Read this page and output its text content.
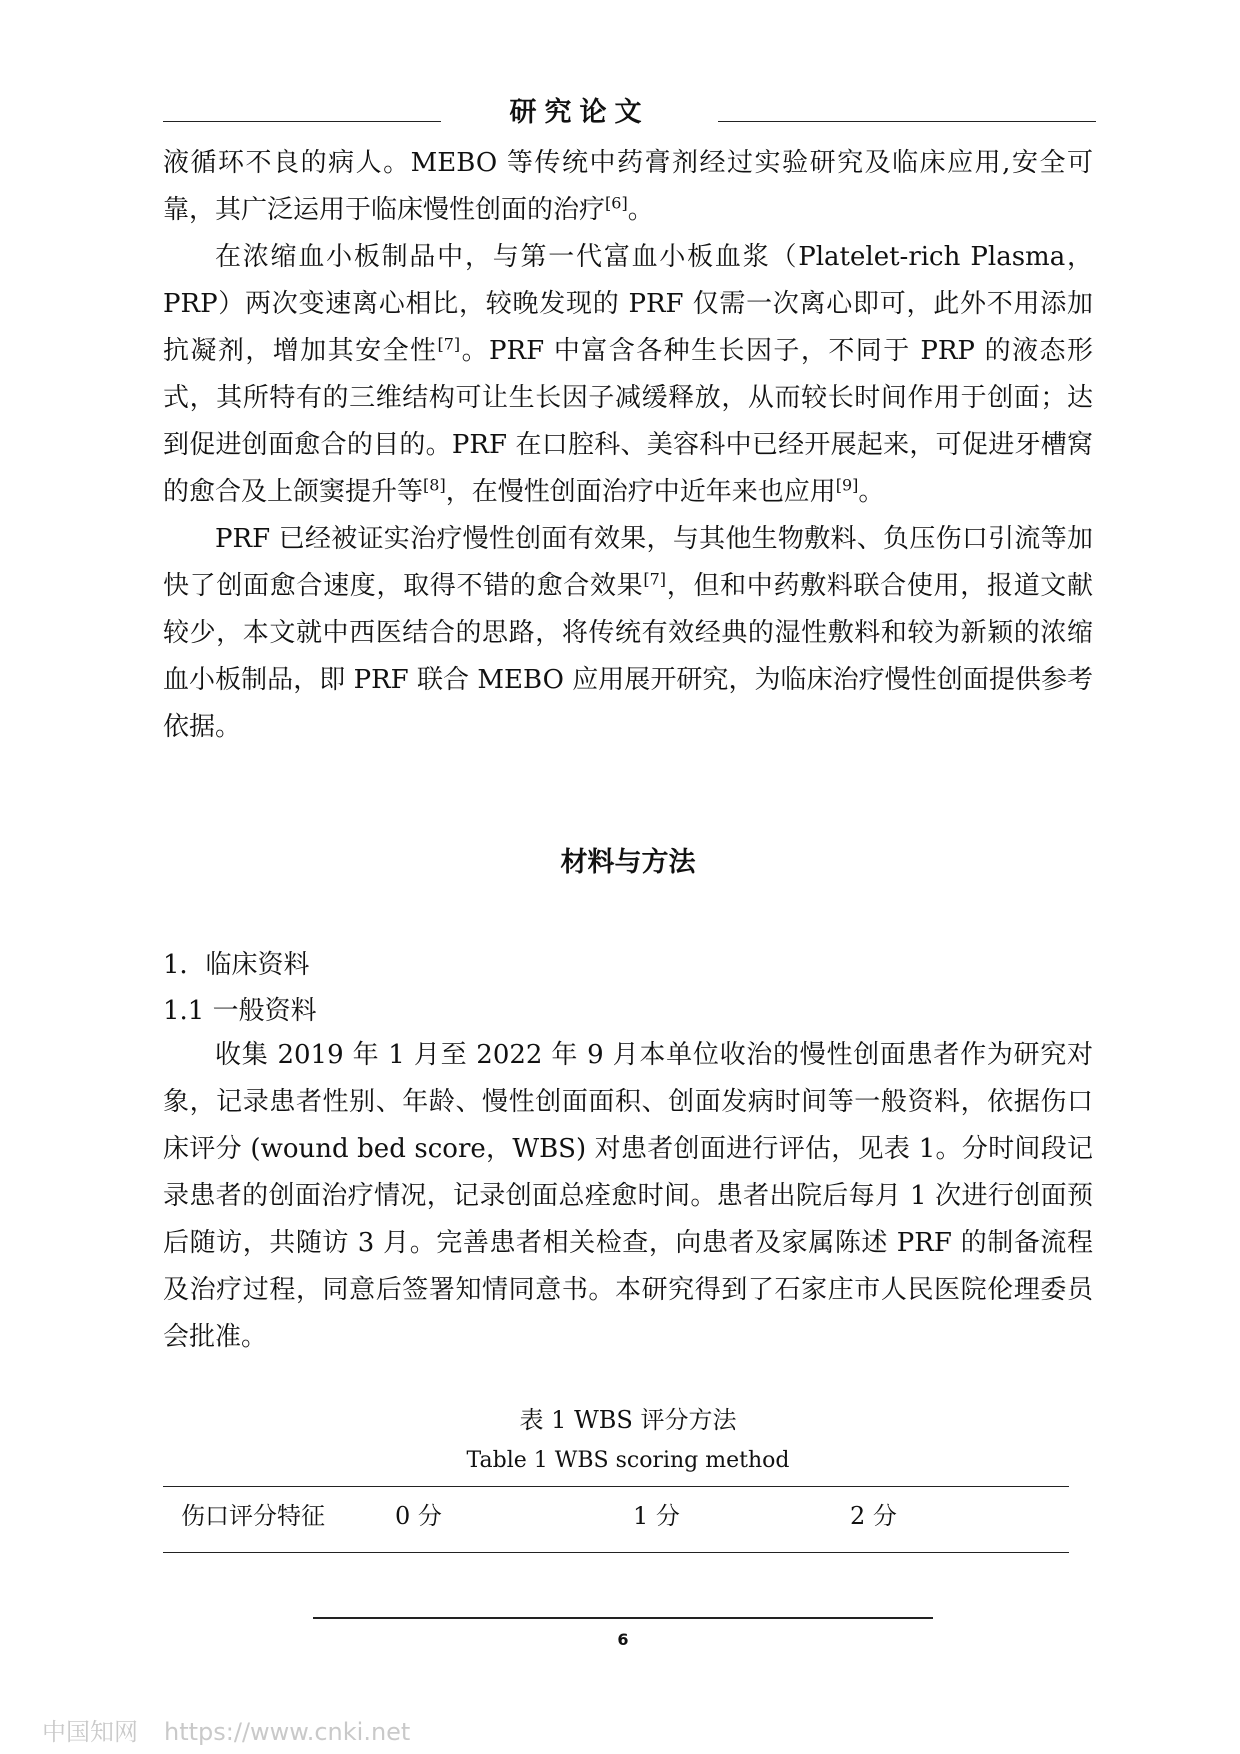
研究论文

液循环不良的病人。MEBO 等传统中药膏剂经过实验研究及临床应用,安全可靠，其广泛运用于临床慢性创面的治疗[6]。

在浓缩血小板制品中，与第一代富血小板血浆（Platelet-rich Plasma，PRP）两次变速离心相比，较晚发现的 PRF 仅需一次离心即可，此外不用添加抗凝剂，增加其安全性[7]。PRF 中富含各种生长因子，不同于 PRP 的液态形式，其所特有的三维结构可让生长因子减缓释放，从而较长时间作用于创面；达到促进创面愈合的目的。PRF 在口腔科、美容科中已经开展起来，可促进牙槽窝的愈合及上颌窦提升等[8]，在慢性创面治疗中近年来也应用[9]。

PRF 已经被证实治疗慢性创面有效果，与其他生物敷料、负压伤口引流等加快了创面愈合速度，取得不错的愈合效果[7]，但和中药敷料联合使用，报道文献较少，本文就中西医结合的思路，将传统有效经典的湿性敷料和较为新颖的浓缩血小板制品，即 PRF 联合 MEBO 应用展开研究，为临床治疗慢性创面提供参考依据。

材料与方法
1．临床资料
1.1 一般资料

收集 2019 年 1 月至 2022 年 9 月本单位收治的慢性创面患者作为研究对象，记录患者性别、年龄、慢性创面面积、创面发病时间等一般资料，依据伤口床评分 (wound bed score，WBS) 对患者创面进行评估，见表 1。分时间段记录患者的创面治疗情况，记录创面总痊愈时间。患者出院后每月 1 次进行创面预后随访，共随访 3 月。完善患者相关检查，向患者及家属陈述 PRF 的制备流程及治疗过程，同意后签署知情同意书。本研究得到了石家庄市人民医院伦理委员会批准。

表 1 WBS 评分方法
Table 1 WBS scoring method
伤口评分特征	0 分	1 分	2 分
6
中国知网 https://www.cnki.net
